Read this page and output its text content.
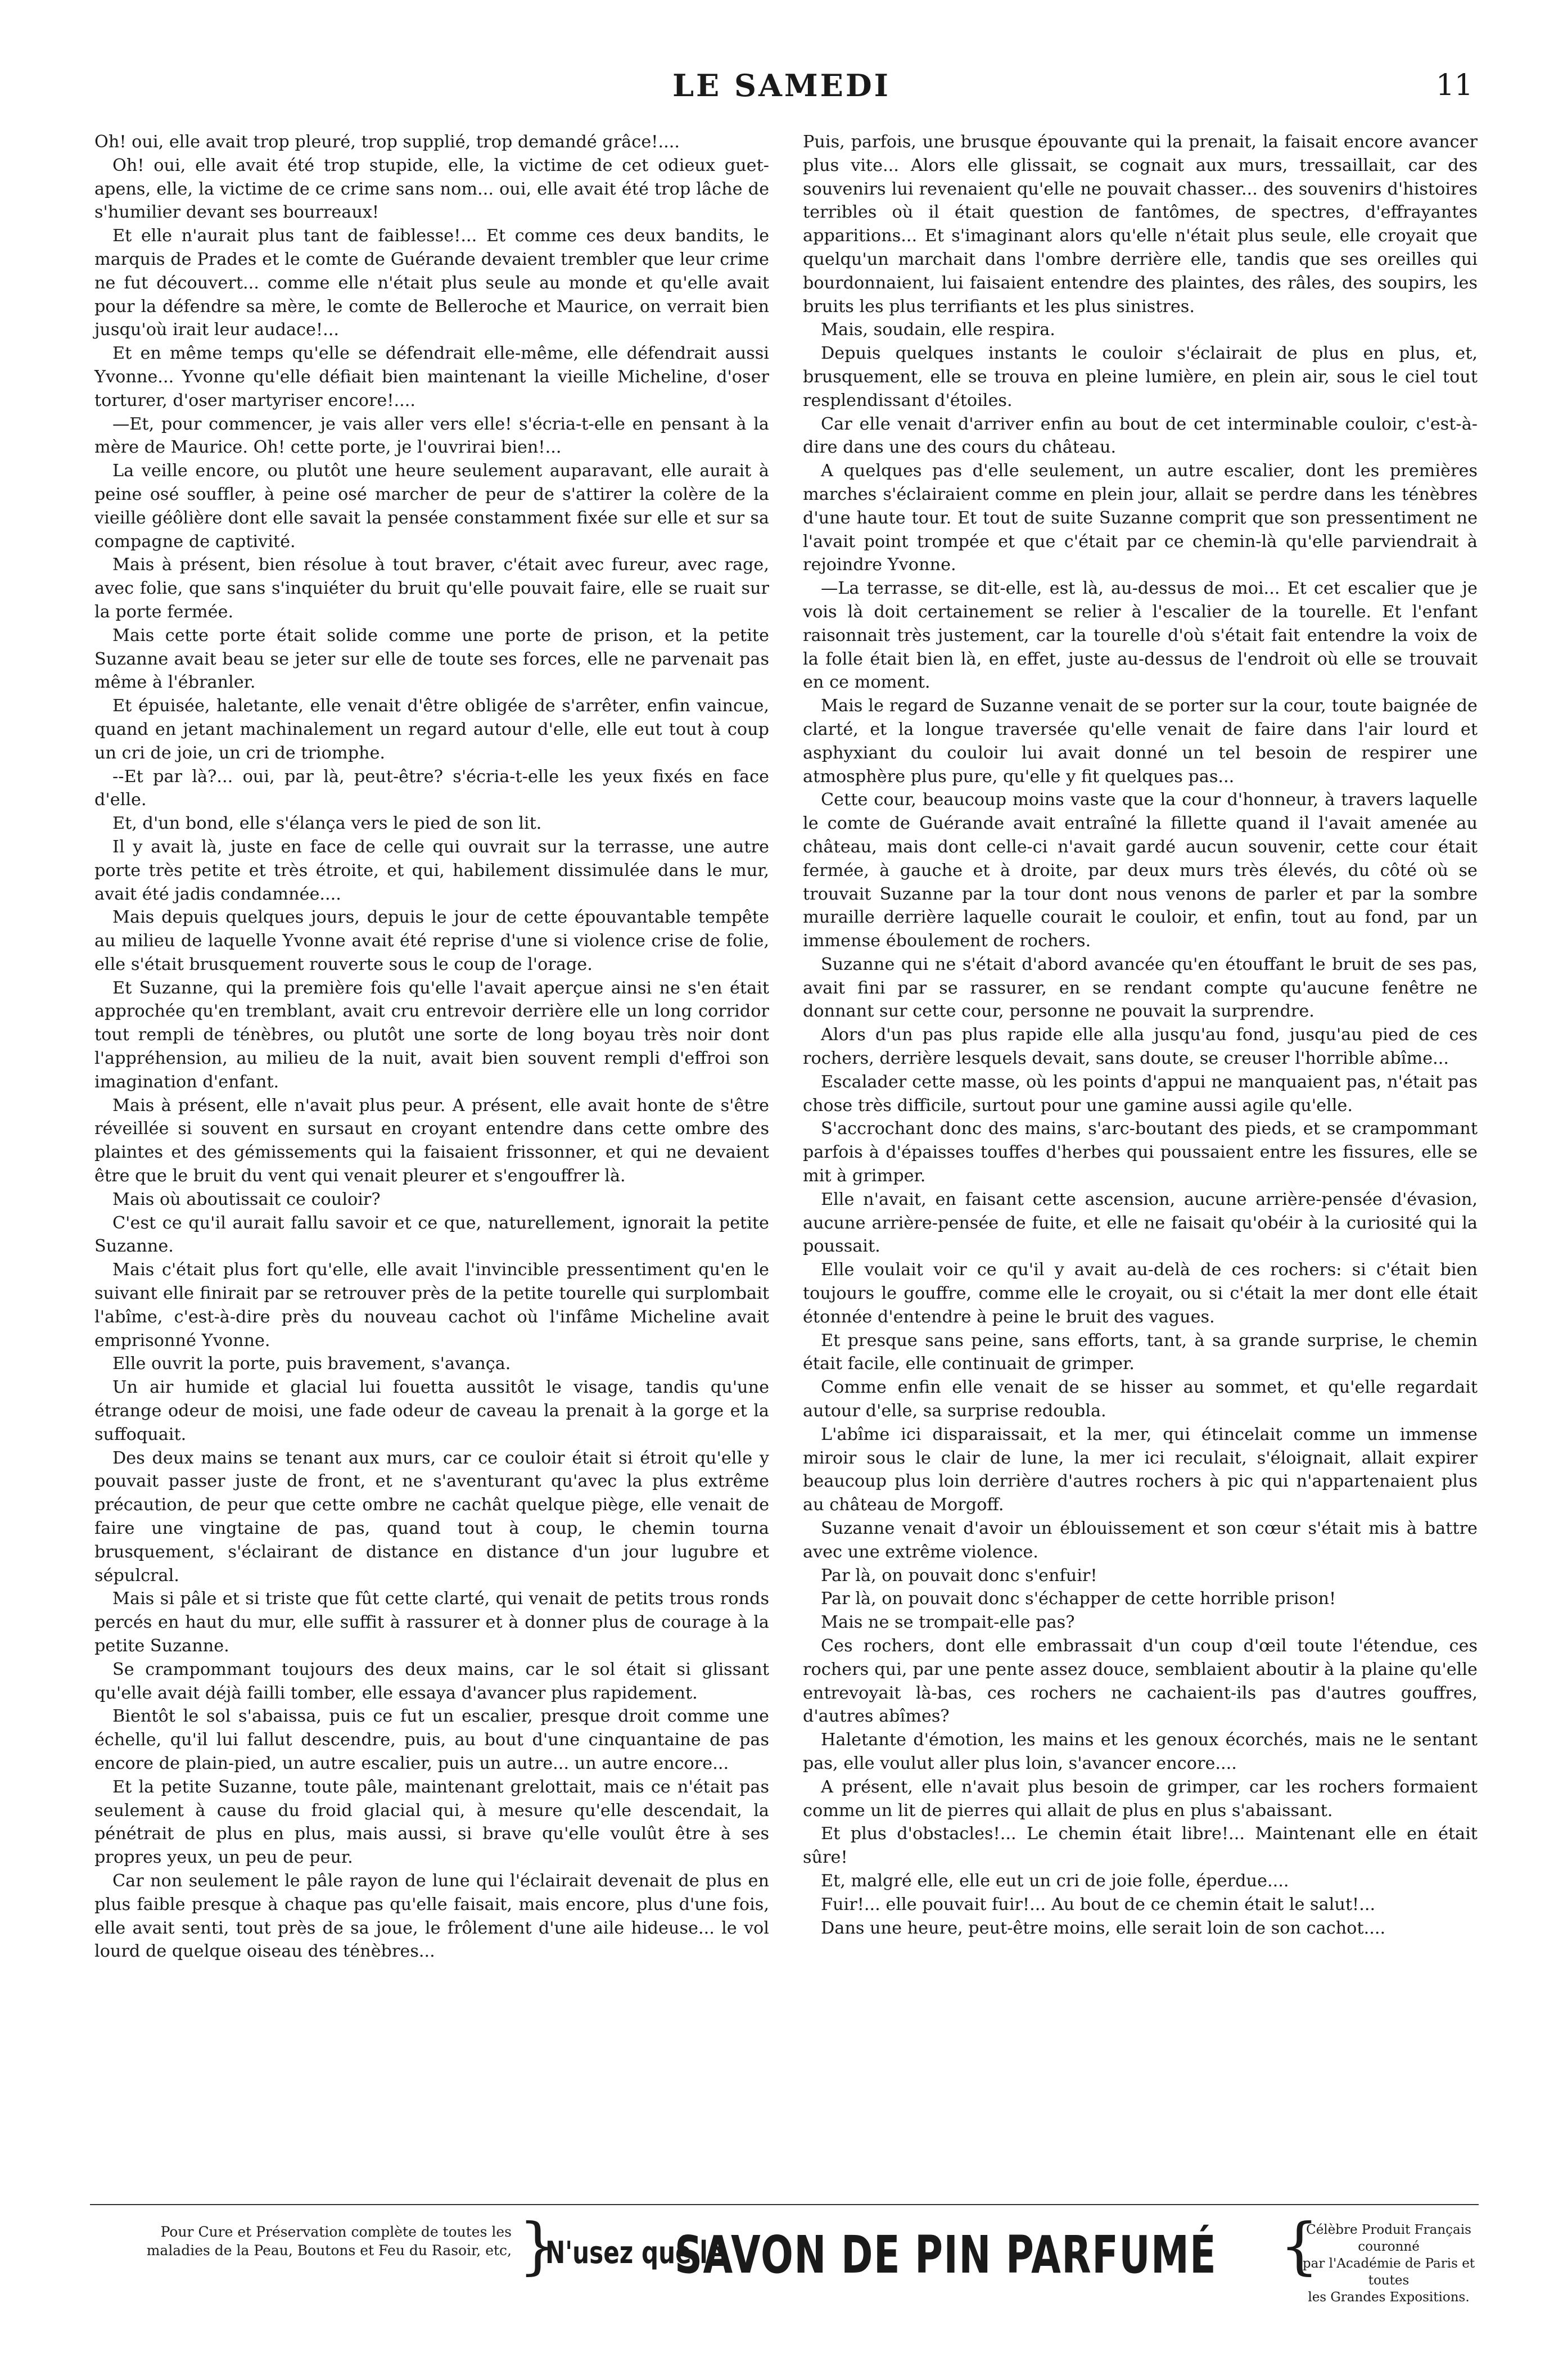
LE SAMEDI	11

Oh! oui, elle avait trop pleuré, trop supplié, trop demandé grâce!....

Oh! oui, elle avait été trop stupide, elle, la victime de cet odieux guet-apens, elle, la victime de ce crime sans nom... oui, elle avait été trop lâche de s'humilier devant ses bourreaux!

Et elle n'aurait plus tant de faiblesse!... Et comme ces deux bandits, le marquis de Prades et le comte de Guérande devaient trembler que leur crime ne fut découvert... comme elle n'était plus seule au monde et qu'elle avait pour la défendre sa mère, le comte de Belleroche et Maurice, on verrait bien jusqu'où irait leur audace!...

Et en même temps qu'elle se défendrait elle-même, elle défendrait aussi Yvonne... Yvonne qu'elle défiait bien maintenant la vieille Micheline, d'oser torturer, d'oser martyriser encore!....

—Et, pour commencer, je vais aller vers elle! s'écria-t-elle en pensant à la mère de Maurice. Oh! cette porte, je l'ouvrirai bien!...

La veille encore, ou plutôt une heure seulement auparavant, elle aurait à peine osé souffler, à peine osé marcher de peur de s'attirer la colère de la vieille géôlière dont elle savait la pensée constamment fixée sur elle et sur sa compagne de captivité.

Mais à présent, bien résolue à tout braver, c'était avec fureur, avec rage, avec folie, que sans s'inquiéter du bruit qu'elle pouvait faire, elle se ruait sur la porte fermée.

Mais cette porte était solide comme une porte de prison, et la petite Suzanne avait beau se jeter sur elle de toute ses forces, elle ne parvenait pas même à l'ébranler.

Et épuisée, haletante, elle venait d'être obligée de s'arrêter, enfin vaincue, quand en jetant machinalement un regard autour d'elle, elle eut tout à coup un cri de joie, un cri de triomphe.

--Et par là?... oui, par là, peut-être? s'écria-t-elle les yeux fixés en face d'elle.

Et, d'un bond, elle s'élança vers le pied de son lit.

Il y avait là, juste en face de celle qui ouvrait sur la terrasse, une autre porte très petite et très étroite, et qui, habilement dissimulée dans le mur, avait été jadis condamnée....

Mais depuis quelques jours, depuis le jour de cette épouvantable tempête au milieu de laquelle Yvonne avait été reprise d'une si violence crise de folie, elle s'était brusquement rouverte sous le coup de l'orage.

Et Suzanne, qui la première fois qu'elle l'avait aperçue ainsi ne s'en était approchée qu'en tremblant, avait cru entrevoir derrière elle un long corridor tout rempli de ténèbres, ou plutôt une sorte de long boyau très noir dont l'appréhension, au milieu de la nuit, avait bien souvent rempli d'effroi son imagination d'enfant.

Mais à présent, elle n'avait plus peur. A présent, elle avait honte de s'être réveillée si souvent en sursaut en croyant entendre dans cette ombre des plaintes et des gémissements qui la faisaient frissonner, et qui ne devaient être que le bruit du vent qui venait pleurer et s'engouffrer là.

Mais où aboutissait ce couloir?

C'est ce qu'il aurait fallu savoir et ce que, naturellement, ignorait la petite Suzanne.

Mais c'était plus fort qu'elle, elle avait l'invincible pressentiment qu'en le suivant elle finirait par se retrouver près de la petite tourelle qui surplombait l'abîme, c'est-à-dire près du nouveau cachot où l'infâme Micheline avait emprisonné Yvonne.

Elle ouvrit la porte, puis bravement, s'avança.

Un air humide et glacial lui fouetta aussitôt le visage, tandis qu'une étrange odeur de moisi, une fade odeur de caveau la prenait à la gorge et la suffoquait.

Des deux mains se tenant aux murs, car ce couloir était si étroit qu'elle y pouvait passer juste de front, et ne s'aventurant qu'avec la plus extrême précaution, de peur que cette ombre ne cachât quelque piège, elle venait de faire une vingtaine de pas, quand tout à coup, le chemin tourna brusquement, s'éclairant de distance en distance d'un jour lugubre et sépulcral.

Mais si pâle et si triste que fût cette clarté, qui venait de petits trous ronds percés en haut du mur, elle suffit à rassurer et à donner plus de courage à la petite Suzanne.

Se crampommant toujours des deux mains, car le sol était si glissant qu'elle avait déjà failli tomber, elle essaya d'avancer plus rapidement.

Bientôt le sol s'abaissa, puis ce fut un escalier, presque droit comme une échelle, qu'il lui fallut descendre, puis, au bout d'une cinquantaine de pas encore de plain-pied, un autre escalier, puis un autre... un autre encore...

Et la petite Suzanne, toute pâle, maintenant grelottait, mais ce n'était pas seulement à cause du froid glacial qui, à mesure qu'elle descendait, la pénétrait de plus en plus, mais aussi, si brave qu'elle voulût être à ses propres yeux, un peu de peur.

Car non seulement le pâle rayon de lune qui l'éclairait devenait de plus en plus faible presque à chaque pas qu'elle faisait, mais encore, plus d'une fois, elle avait senti, tout près de sa joue, le frôlement d'une aile hideuse... le vol lourd de quelque oiseau des ténèbres...

Puis, parfois, une brusque épouvante qui la prenait, la faisait encore avancer plus vite... Alors elle glissait, se cognait aux murs, tressaillait, car des souvenirs lui revenaient qu'elle ne pouvait chasser... des souvenirs d'histoires terribles où il était question de fantômes, de spectres, d'effrayantes apparitions... Et s'imaginant alors qu'elle n'était plus seule, elle croyait que quelqu'un marchait dans l'ombre derrière elle, tandis que ses oreilles qui bourdonnaient, lui faisaient entendre des plaintes, des râles, des soupirs, les bruits les plus terrifiants et les plus sinistres.

Mais, soudain, elle respira.

Depuis quelques instants le couloir s'éclairait de plus en plus, et, brusquement, elle se trouva en pleine lumière, en plein air, sous le ciel tout resplendissant d'étoiles.

Car elle venait d'arriver enfin au bout de cet interminable couloir, c'est-à-dire dans une des cours du château.

A quelques pas d'elle seulement, un autre escalier, dont les premières marches s'éclairaient comme en plein jour, allait se perdre dans les ténèbres d'une haute tour. Et tout de suite Suzanne comprit que son pressentiment ne l'avait point trompée et que c'était par ce chemin-là qu'elle parviendrait à rejoindre Yvonne.

—La terrasse, se dit-elle, est là, au-dessus de moi... Et cet escalier que je vois là doit certainement se relier à l'escalier de la tourelle. Et l'enfant raisonnait très justement, car la tourelle d'où s'était fait entendre la voix de la folle était bien là, en effet, juste au-dessus de l'endroit où elle se trouvait en ce moment.

Mais le regard de Suzanne venait de se porter sur la cour, toute baignée de clarté, et la longue traversée qu'elle venait de faire dans l'air lourd et asphyxiant du couloir lui avait donné un tel besoin de respirer une atmosphère plus pure, qu'elle y fit quelques pas...

Cette cour, beaucoup moins vaste que la cour d'honneur, à travers laquelle le comte de Guérande avait entraîné la fillette quand il l'avait amenée au château, mais dont celle-ci n'avait gardé aucun souvenir, cette cour était fermée, à gauche et à droite, par deux murs très élevés, du côté où se trouvait Suzanne par la tour dont nous venons de parler et par la sombre muraille derrière laquelle courait le couloir, et enfin, tout au fond, par un immense éboulement de rochers.

Suzanne qui ne s'était d'abord avancée qu'en étouffant le bruit de ses pas, avait fini par se rassurer, en se rendant compte qu'aucune fenêtre ne donnant sur cette cour, personne ne pouvait la surprendre.

Alors d'un pas plus rapide elle alla jusqu'au fond, jusqu'au pied de ces rochers, derrière lesquels devait, sans doute, se creuser l'horrible abîme...

Escalader cette masse, où les points d'appui ne manquaient pas, n'était pas chose très difficile, surtout pour une gamine aussi agile qu'elle.

S'accrochant donc des mains, s'arc-boutant des pieds, et se crampommant parfois à d'épaisses touffes d'herbes qui poussaient entre les fissures, elle se mit à grimper.

Elle n'avait, en faisant cette ascension, aucune arrière-pensée d'évasion, aucune arrière-pensée de fuite, et elle ne faisait qu'obéir à la curiosité qui la poussait.

Elle voulait voir ce qu'il y avait au-delà de ces rochers: si c'était bien toujours le gouffre, comme elle le croyait, ou si c'était la mer dont elle était étonnée d'entendre à peine le bruit des vagues.

Et presque sans peine, sans efforts, tant, à sa grande surprise, le chemin était facile, elle continuait de grimper.

Comme enfin elle venait de se hisser au sommet, et qu'elle regardait autour d'elle, sa surprise redoubla.

L'abîme ici disparaissait, et la mer, qui étincelait comme un immense miroir sous le clair de lune, la mer ici reculait, s'éloignait, allait expirer beaucoup plus loin derrière d'autres rochers à pic qui n'appartenaient plus au château de Morgoff.

Suzanne venait d'avoir un éblouissement et son cœur s'était mis à battre avec une extrême violence.

Par là, on pouvait donc s'enfuir!

Par là, on pouvait donc s'échapper de cette horrible prison!

Mais ne se trompait-elle pas?

Ces rochers, dont elle embrassait d'un coup d'œil toute l'étendue, ces rochers qui, par une pente assez douce, semblaient aboutir à la plaine qu'elle entrevoyait là-bas, ces rochers ne cachaient-ils pas d'autres gouffres, d'autres abîmes?

Haletante d'émotion, les mains et les genoux écorchés, mais ne le sentant pas, elle voulut aller plus loin, s'avancer encore....

A présent, elle n'avait plus besoin de grimper, car les rochers formaient comme un lit de pierres qui allait de plus en plus s'abaissant.

Et plus d'obstacles!... Le chemin était libre!... Maintenant elle en était sûre!

Et, malgré elle, elle eut un cri de joie folle, éperdue....

Fuir!... elle pouvait fuir!... Au bout de ce chemin était le salut!...

Dans une heure, peut-être moins, elle serait loin de son cachot....

Pour Cure et Préservation complète de toutes les
maladies de la Peau, Boutons et Feu du Rasoir, etc, }
N'usez que le
SAVON DE PIN PARFUMÉ {
Célèbre Produit Français couronné
par l'Académie de Paris et toutes
les Grandes Expositions.
